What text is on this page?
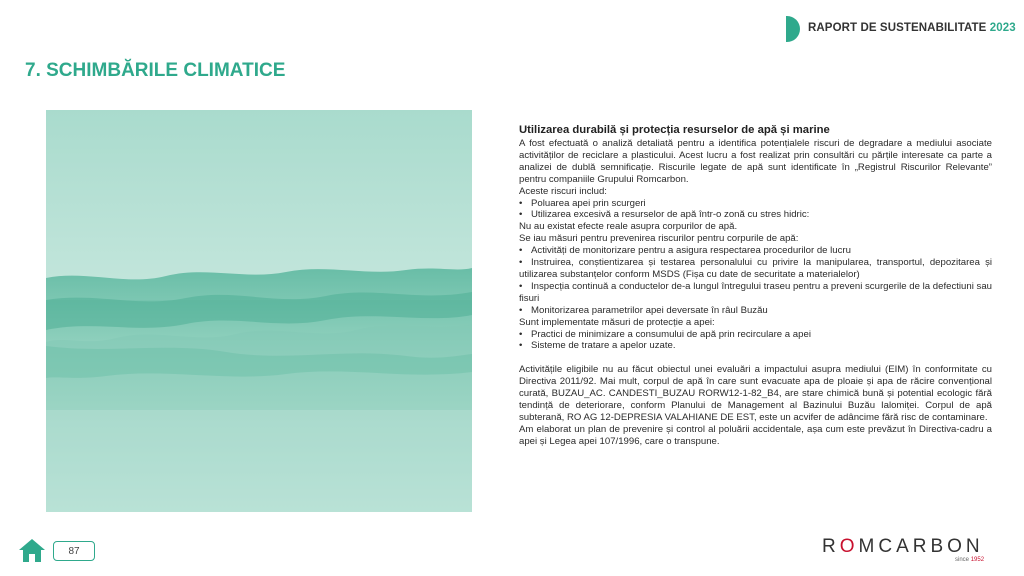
RAPORT DE SUSTENABILITATE 2023
7. SCHIMBĂRILE CLIMATICE
Utilizarea durabilă și protecția resurselor de apă și marine

A fost efectuată o analiză detaliată pentru a identifica potențialele riscuri de degradare a mediului asociate activităților de reciclare a plasticului. Acest lucru a fost realizat prin consultări cu părțile interesate ca parte a analizei de dublă semnificație. Riscurile legate de apă sunt identificate în „Registrul Riscurilor Relevante” pentru companiile Grupului Romcarbon.

Aceste riscuri includ:

• Poluarea apei prin scurgeri

• Utilizarea excesivă a resurselor de apă într-o zonă cu stres hidric:

Nu au existat efecte reale asupra corpurilor de apă.

Se iau măsuri pentru prevenirea riscurilor pentru corpurile de apă:

• Activități de monitorizare pentru a asigura respectarea procedurilor de lucru

• Instruirea, conștientizarea și testarea personalului cu privire la manipularea, transportul, depozitarea și utilizarea substanțelor conform MSDS (Fișa cu date de securitate a materialelor)

• Inspecția continuă a conductelor de-a lungul întregului traseu pentru a preveni scurgerile de la defectiuni sau fisuri

• Monitorizarea parametrilor apei deversate în râul Buzău

Sunt implementate măsuri de protecție a apei:

• Practici de minimizare a consumului de apă prin recirculare a apei

• Sisteme de tratare a apelor uzate.

Activitățile eligibile nu au făcut obiectul unei evaluări a impactului asupra mediului (EIM) în conformitate cu Directiva 2011/92. Mai mult, corpul de apă în care sunt evacuate apa de ploaie și apa de răcire convențional curată, BUZAU_AC. CANDESTI_BUZAU RORW12-1-82_B4, are stare chimică bună și potential ecologic fără tendință de deteriorare, conform Planului de Management al Bazinului Buzău Ialomiței. Corpul de apă subterană, RO AG 12-DEPRESIA VALAHIANE DE EST, este un acvifer de adâncime fără risc de contaminare.

Am elaborat un plan de prevenire și control al poluării accidentale, așa cum este prevăzut în Directiva-cadru a apei și Legea apei 107/1996, care o transpune.

87	ROMCARBON
since 1952
